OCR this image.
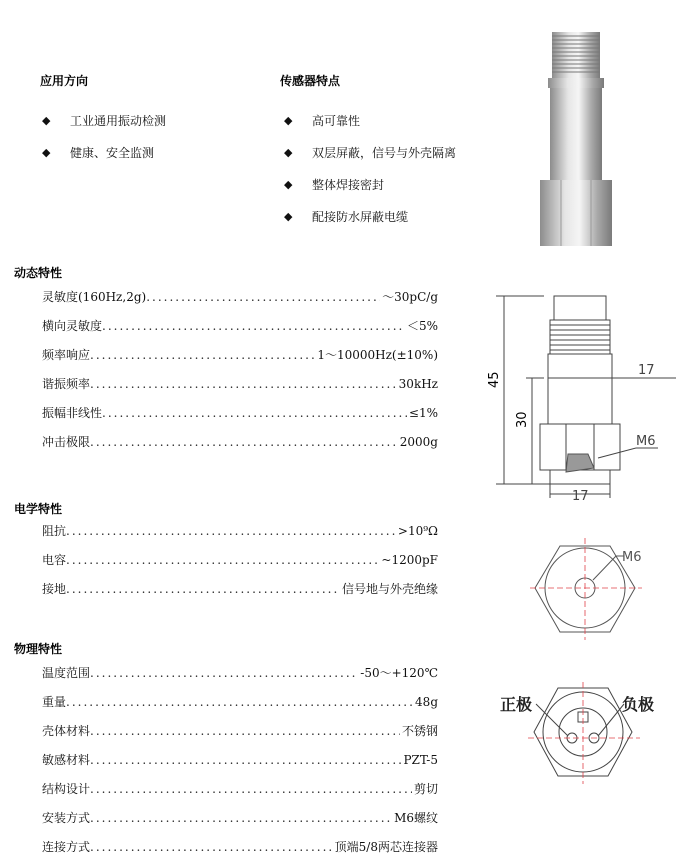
应用方向
◆	工业通用振动检测
◆	健康、安全监测
传感器特点
◆	高可靠性
◆	双层屏蔽，信号与外壳隔离
◆	整体焊接密封
◆	配接防水屏蔽电缆
动态特性
灵敏度(160Hz,2g) .....	～30pC/g
横向灵敏度 .....	＜5%
频率响应 .....	1～10000Hz(±10%)
谐振频率 .....	30kHz
振幅非线性 .....	≤1%
冲击极限 .....	2000g
45
30
17
17
M6
电学特性
阻抗 .....	>10⁹Ω
电容 .....	~1200pF
接地 .....	信号地与外壳绝缘
M6
物理特性
温度范围 .....	-50～+120℃
重量 .....	48g
壳体材料 .....	不锈钢
敏感材料 .....	PZT-5
结构设计 .....	剪切
安装方式 .....	M6螺纹
连接方式 .....	顶端5/8两芯连接器
正极	负极
